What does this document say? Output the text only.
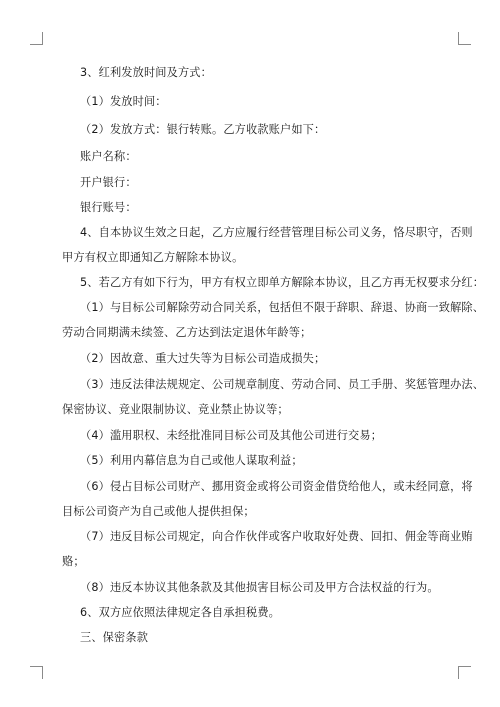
3、红利发放时间及方式：
（1）发放时间：
（2）发放方式：银行转账。乙方收款账户如下：
账户名称：
开户银行：
银行账号：
4、自本协议生效之日起，乙方应履行经营管理目标公司义务，恪尽职守，否则
甲方有权立即通知乙方解除本协议。
5、若乙方有如下行为，甲方有权立即单方解除本协议，且乙方再无权要求分红：
（1）与目标公司解除劳动合同关系，包括但不限于辞职、辞退、协商一致解除、
劳动合同期满未续签、乙方达到法定退休年龄等；
（2）因故意、重大过失等为目标公司造成损失；
（3）违反法律法规规定、公司规章制度、劳动合同、员工手册、奖惩管理办法、
保密协议、竞业限制协议、竞业禁止协议等；
（4）滥用职权、未经批准同目标公司及其他公司进行交易；
（5）利用内幕信息为自己或他人谋取利益；
（6）侵占目标公司财产、挪用资金或将公司资金借贷给他人，或未经同意，将
目标公司资产为自己或他人提供担保；
（7）违反目标公司规定，向合作伙伴或客户收取好处费、回扣、佣金等商业贿
赂；
（8）违反本协议其他条款及其他损害目标公司及甲方合法权益的行为。
6、双方应依照法律规定各自承担税费。
三、保密条款
